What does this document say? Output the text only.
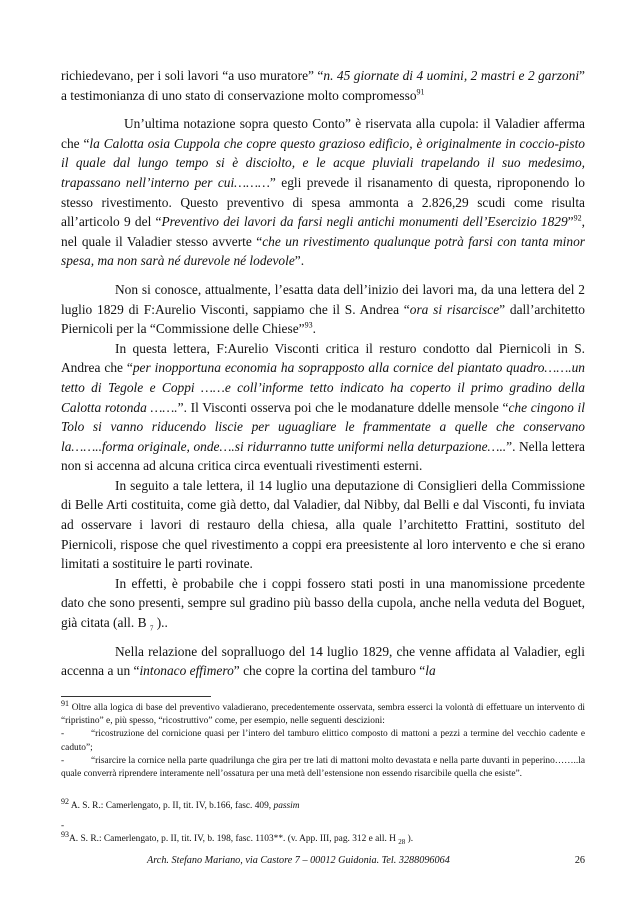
richiedevano, per i soli lavori “a uso muratore” “n. 45 giornate di 4 uomini, 2 mastri e 2 garzoni” a testimonianza di uno stato di conservazione molto compromesso$^{91}$

Un’ultima notazione sopra questo Conto” è riservata alla cupola: il Valadier afferma che “la Calotta osia Cuppola che copre questo grazioso edificio, è originalmente in coccio-pisto il quale dal lungo tempo si è disciolto, e le acque pluviali trapelando il suo medesimo, trapassano nell’interno per cui………” egli prevede il risanamento di questa, riproponendo lo stesso rivestimento. Questo preventivo di spesa ammonta a 2.826,29 scudi come risulta all’articolo 9 del “Preventivo dei lavori da farsi negli antichi monumenti dell’Esercizio 1829”$^{92}$, nel quale il Valadier stesso avverte “che un rivestimento qualunque potrà farsi con tanta minor spesa, ma non sarà né durevole né lodevole”.

Non si conosce, attualmente, l’esatta data dell’inizio dei lavori ma, da una lettera del 2 luglio 1829 di F:Aurelio Visconti, sappiamo che il S. Andrea “ora si risarcisce” dall’architetto Piernicoli per la “Commissione delle Chiese”$^{93}$.

In questa lettera, F:Aurelio Visconti critica il resturo condotto dal Piernicoli in S. Andrea che “per inopportuna economia ha soprapposto alla cornice del piantato quadro…….un tetto di Tegole e Coppi ……e coll’informe tetto indicato ha coperto il primo gradino della Calotta rotonda …….”. Il Visconti osserva poi che le modanature ddelle mensole “che cingono il Tolo si vanno riducendo liscie per uguagliare le frammentate a quelle che conservano la……..forma originale, onde….si ridurranno tutte uniformi nella deturpazione…..”. Nella lettera non si accenna ad alcuna critica circa eventuali rivestimenti esterni.

In seguito a tale lettera, il 14 luglio una deputazione di Consiglieri della Commissione di Belle Arti costituita, come già detto, dal Valadier, dal Nibby, dal Belli e dal Visconti, fu inviata ad osservare i lavori di restauro della chiesa, alla quale l’architetto Frattini, sostituto del Piernicoli, rispose che quel rivestimento a coppi era preesistente al loro intervento e che si erano limitati a sostituire le parti rovinate.

In effetti, è probabile che i coppi fossero stati posti in una manomissione prcedente dato che sono presenti, sempre sul gradino più basso della cupola, anche nella veduta del Boguet, già citata (all. B $_7$ )..

Nella relazione del sopralluogo del 14 luglio 1829, che venne affidata al Valadier, egli accenna a un “intonaco effimero” che copre la cortina del tamburo “la

$^{91}$ Oltre alla logica di base del preventivo valadierano, precedentemente osservata, sembra esserci la volontà di effettuare un intervento di “ripristino” e, più spesso, “ricostruttivo” come, per esempio, nelle seguenti descizioni:
-	“ricostruzione del cornicione quasi per l’intero del tamburo elittico composto di mattoni a pezzi a termine del vecchio cadente e caduto”;
-	“risarcire la cornice nella parte quadrilunga che gira per tre lati di mattoni molto devastata e nella parte duvanti in peperino……..la quale converrà riprendere interamente nell’ossatura per una metà dell’estensione non essendo risarcibile quella che esiste”.

$^{92}$ A. S. R.: Camerlengato, p. II, tit. IV, b.166, fasc. 409, passim

-
$^{93}$A. S. R.: Camerlengato, p. II, tit. IV, b. 198, fasc. 1103**. (v. App. III, pag. 312 e all. H $_{28}$ ).

Arch. Stefano Mariano, via Castore 7 – 00012 Guidonia. Tel. 3288096064	26
